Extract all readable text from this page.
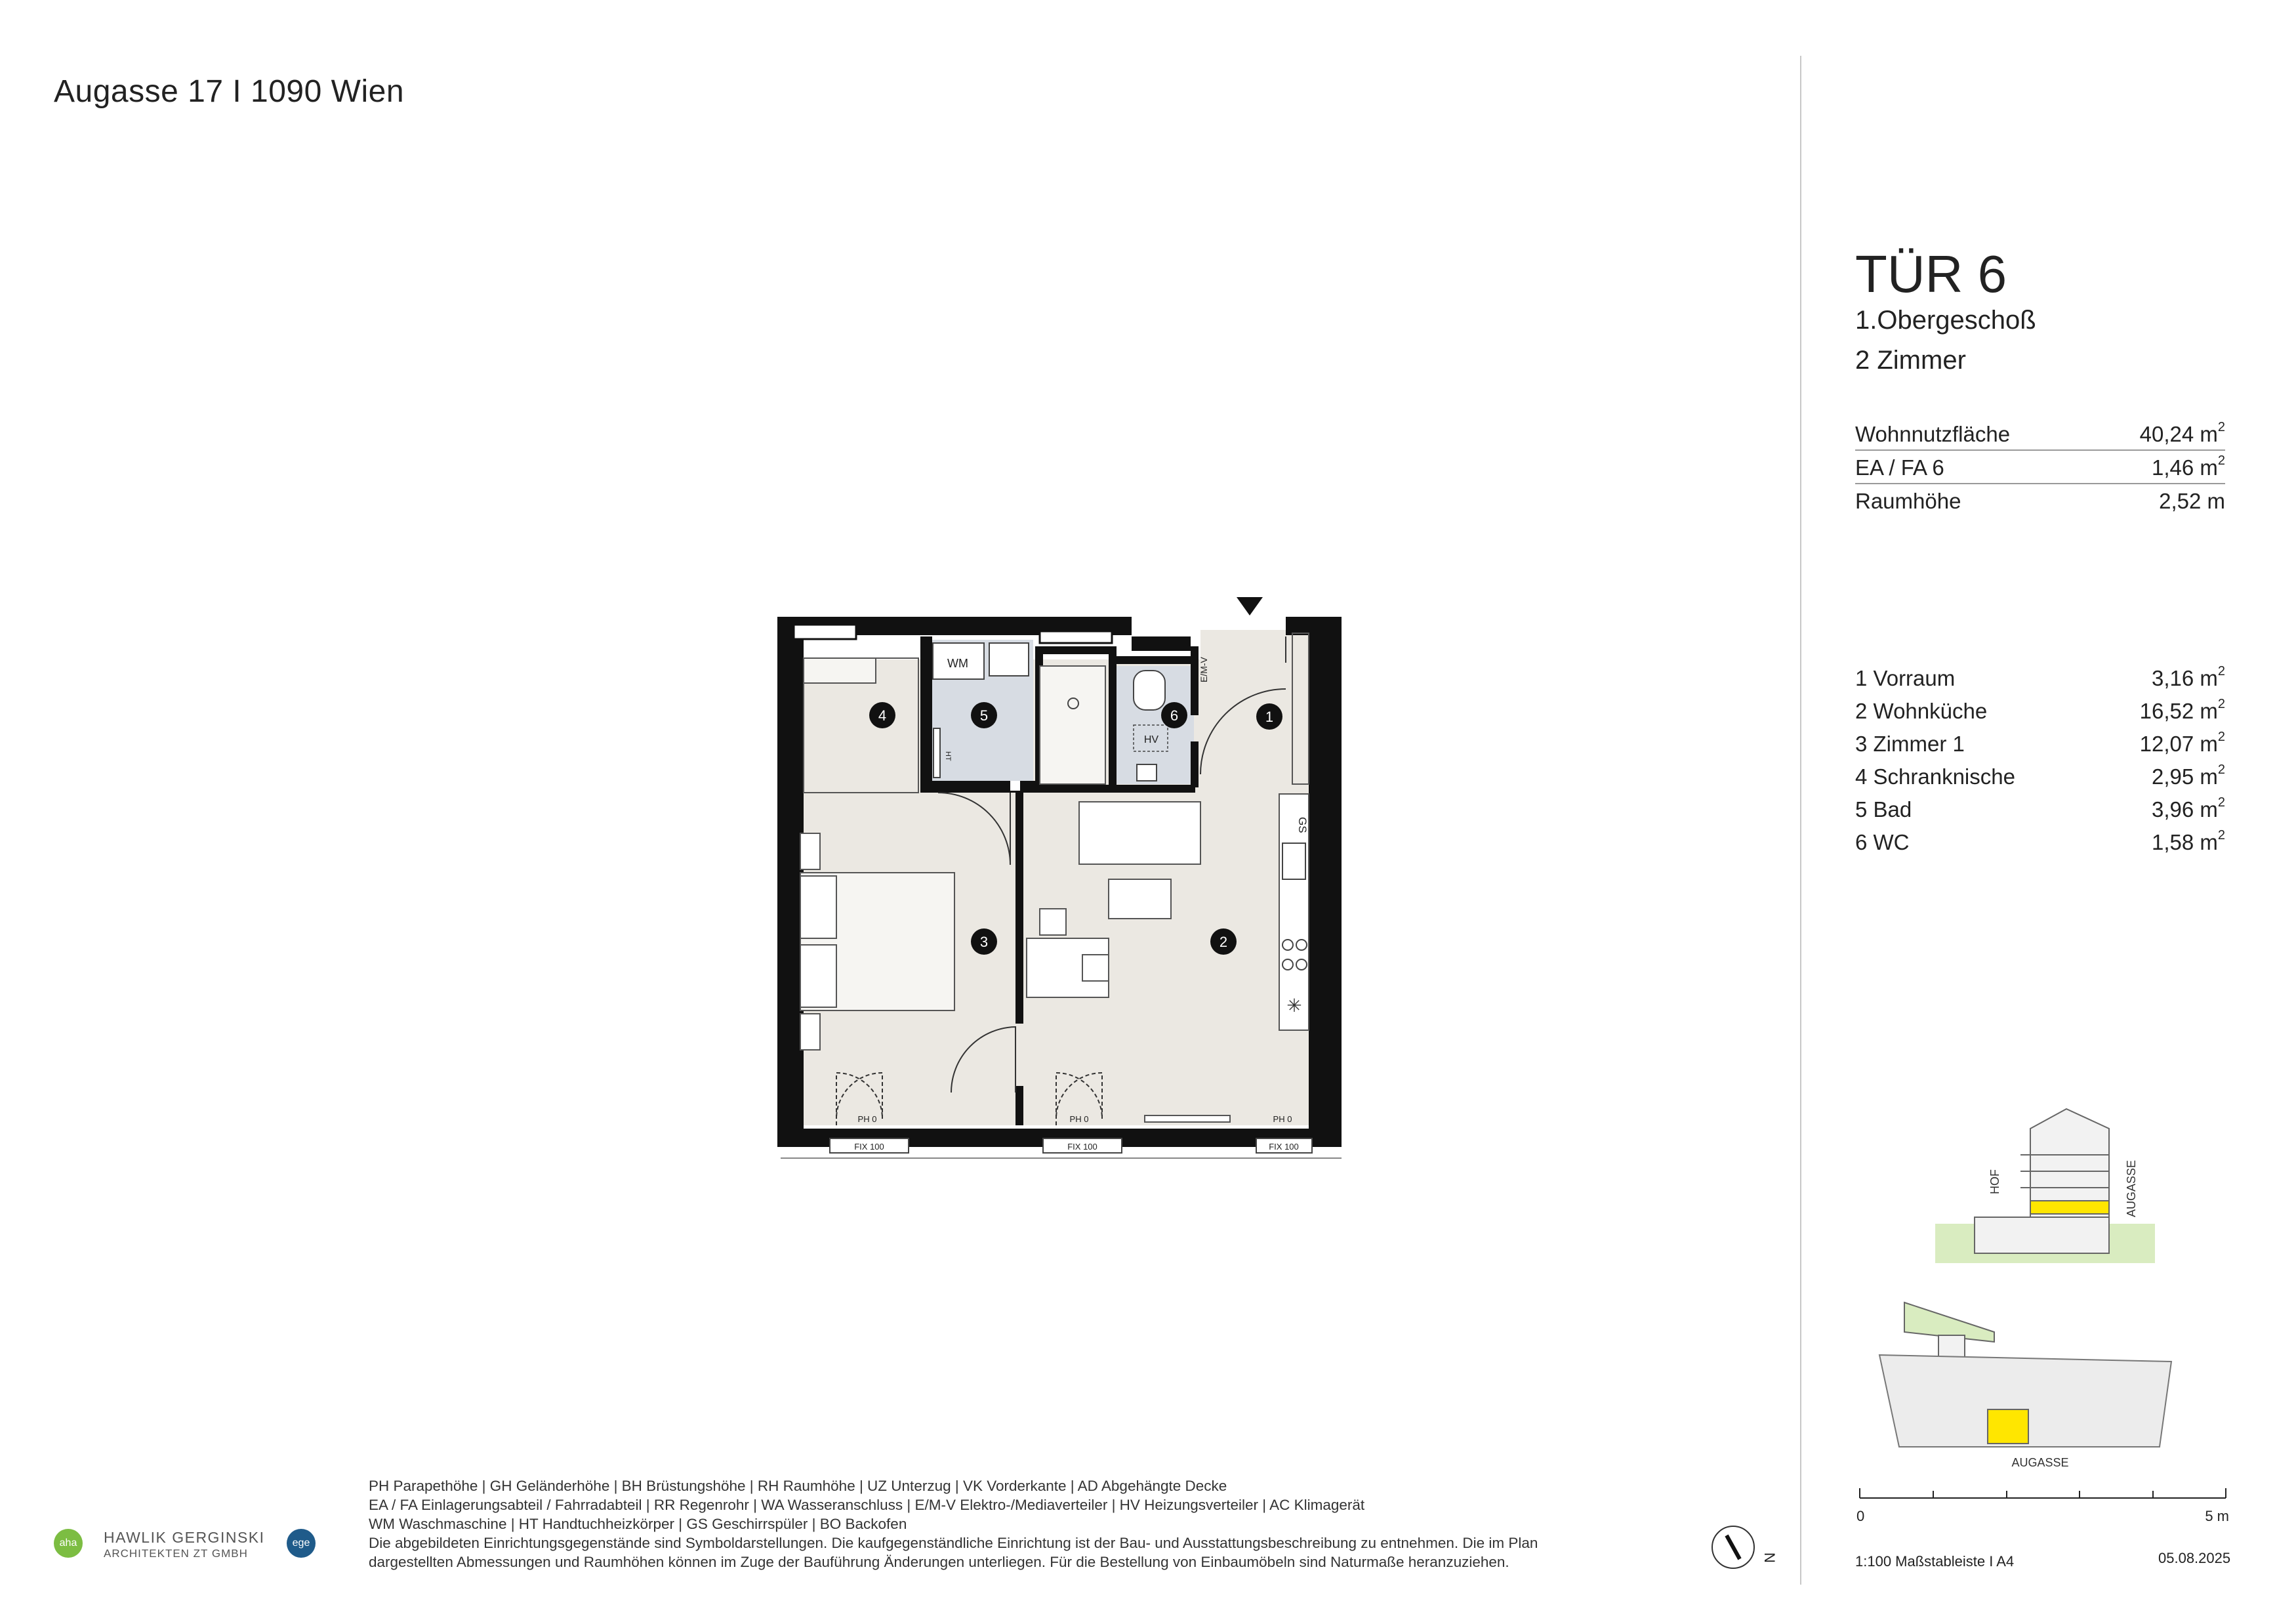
Augasse 17 I 1090 Wien
TÜR 6
1.Obergeschoß
2 Zimmer
Wohnnutzfläche	40,24 $m^2$
EA / FA 6	1,46 $m^2$
Raumhöhe	2,52 m
1 Vorraum	3,16 $m^2$
2 Wohnküche	16,52 $m^2$
3 Zimmer 1	12,07 $m^2$
4 Schranknische	2,95 $m^2$
5 Bad	3,96 $m^2$
6 WC	1,58 $m^2$
WM
HT
HV
E/M-V
GS
✳
PH 0	PH 0	PH 0
FIX 100	FIX 100	FIX 100
1
2
3
4	5	6
HOF	AUGASSE
AUGASSE
0	5 m
1:100 Maßstableiste I A4	05.08.2025
N
PH Parapethöhe | GH Geländerhöhe | BH Brüstungshöhe | RH Raumhöhe | UZ Unterzug | VK Vorderkante | AD Abgehängte Decke
EA / FA Einlagerungsabteil / Fahrradabteil | RR Regenrohr | WA Wasseranschluss | E/M-V Elektro-/Mediaverteiler | HV Heizungsverteiler | AC Klimagerät
WM Waschmaschine | HT Handtuchheizkörper | GS Geschirrspüler | BO Backofen
Die abgebildeten Einrichtungsgegenstände sind Symboldarstellungen. Die kaufgegenständliche Einrichtung ist der Bau- und Ausstattungsbeschreibung zu entnehmen. Die im Plan
dargestellten Abmessungen und Raumhöhen können im Zuge der Bauführung Änderungen unterliegen. Für die Bestellung von Einbaumöbeln sind Naturmaße heranzuziehen.
aha	HAWLIK GERGINSKI
ARCHITEKTEN ZT GMBH
ege
